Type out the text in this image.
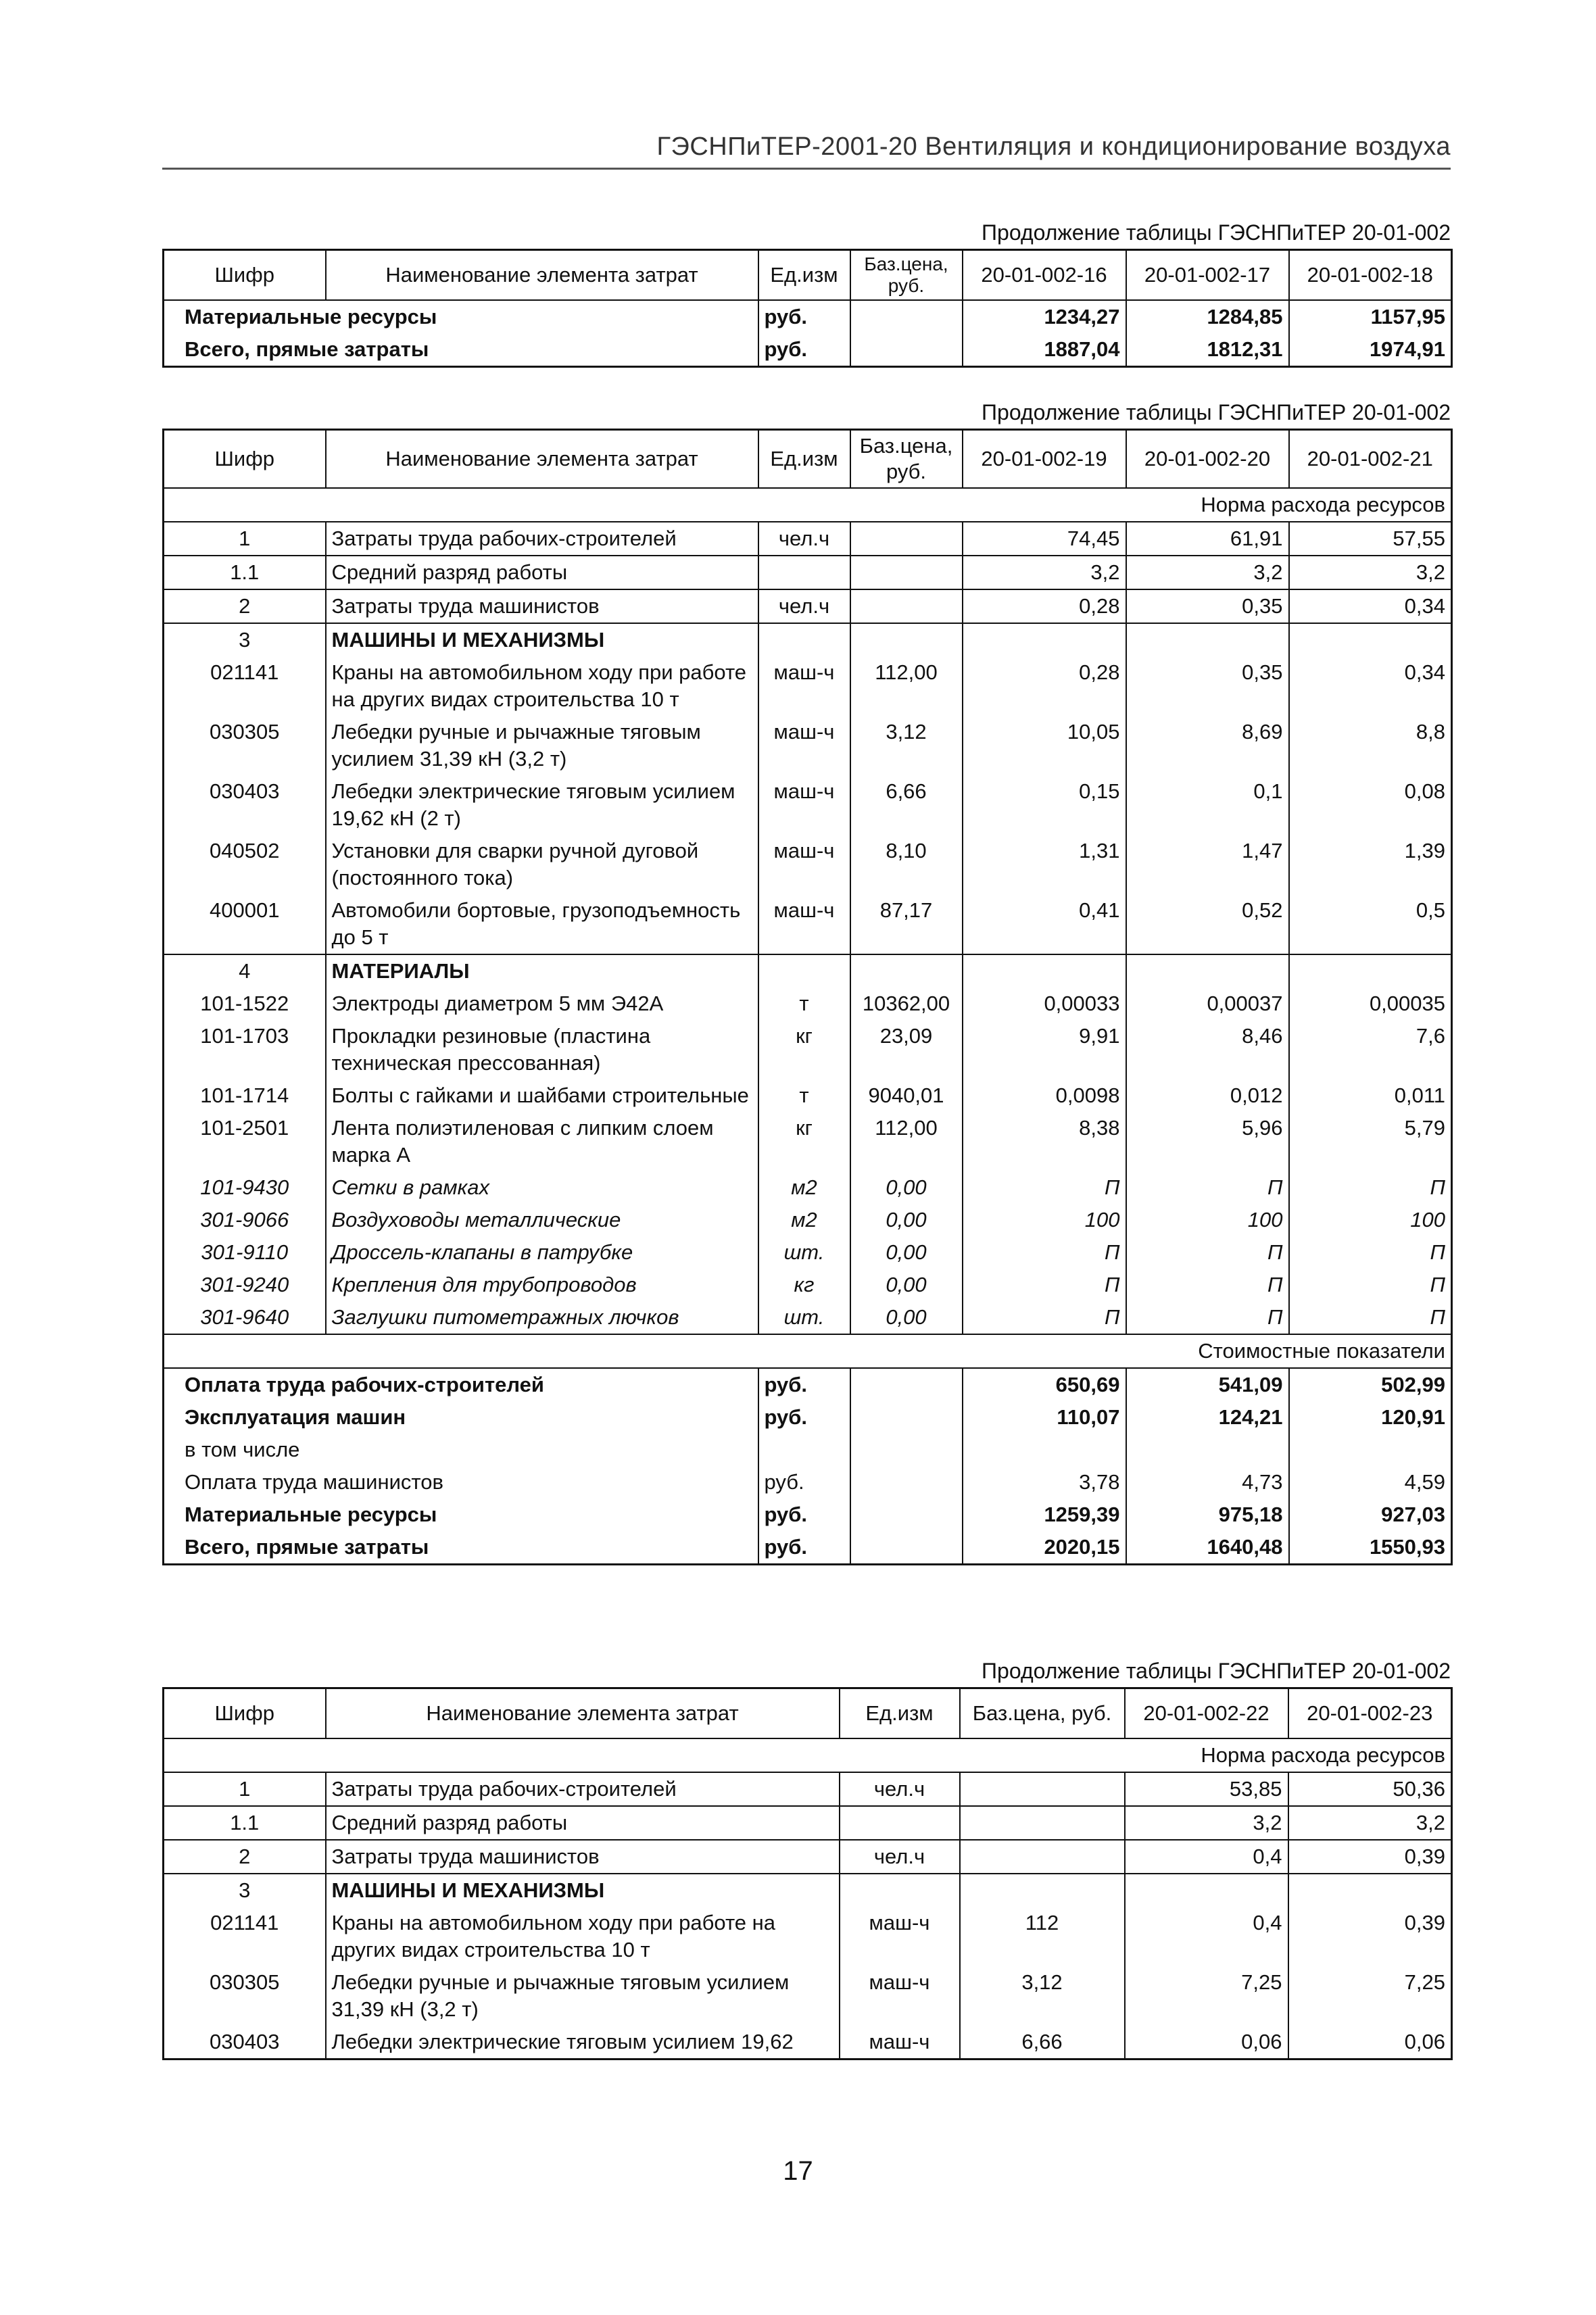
ГЭСНПиТЕР-2001-20 Вентиляция и кондиционирование воздуха
Продолжение таблицы ГЭСНПиТЕР 20-01-002
Шифр	Наименование элемента затрат	Ед.изм	Баз.цена, руб.	20-01-002-16	20-01-002-17	20-01-002-18
Материальные ресурсы		руб.		1234,27	1284,85	1157,95
Всего, прямые затраты		руб.		1887,04	1812,31	1974,91
Продолжение таблицы ГЭСНПиТЕР 20-01-002
Шифр	Наименование элемента затрат	Ед.изм	Баз.цена, руб.	20-01-002-19	20-01-002-20	20-01-002-21
Норма расхода ресурсов						
1	Затраты труда рабочих-строителей	чел.ч		74,45	61,91	57,55
1.1	Средний разряд работы			3,2	3,2	3,2
2	Затраты труда машинистов	чел.ч		0,28	0,35	0,34
3	МАШИНЫ И МЕХАНИЗМЫ					
021141	Краны на автомобильном ходу при работе на других видах строительства 10 т	маш-ч	112,00	0,28	0,35	0,34
030305	Лебедки ручные и рычажные тяговым усилием 31,39 кН (3,2 т)	маш-ч	3,12	10,05	8,69	8,8
030403	Лебедки электрические тяговым усилием 19,62 кН (2 т)	маш-ч	6,66	0,15	0,1	0,08
040502	Установки для сварки ручной дуговой (постоянного тока)	маш-ч	8,10	1,31	1,47	1,39
400001	Автомобили бортовые, грузоподъемность до 5 т	маш-ч	87,17	0,41	0,52	0,5
4	МАТЕРИАЛЫ					
101-1522	Электроды диаметром 5 мм Э42А	т	10362,00	0,00033	0,00037	0,00035
101-1703	Прокладки резиновые (пластина техническая прессованная)	кг	23,09	9,91	8,46	7,6
101-1714	Болты с гайками и шайбами строительные	т	9040,01	0,0098	0,012	0,011
101-2501	Лента полиэтиленовая с липким слоем марка А	кг	112,00	8,38	5,96	5,79
101-9430	Сетки в рамках	м2	0,00	П	П	П
301-9066	Воздуховоды металлические	м2	0,00	100	100	100
301-9110	Дроссель-клапаны в патрубке	шт.	0,00	П	П	П
301-9240	Крепления для трубопроводов	кг	0,00	П	П	П
301-9640	Заглушки питометражных лючков	шт.	0,00	П	П	П
Стоимостные показатели						
Оплата труда рабочих-строителей		руб.		650,69	541,09	502,99
Эксплуатация машин		руб.		110,07	124,21	120,91
в том числе						
Оплата труда машинистов		руб.		3,78	4,73	4,59
Материальные ресурсы		руб.		1259,39	975,18	927,03
Всего, прямые затраты		руб.		2020,15	1640,48	1550,93
Продолжение таблицы ГЭСНПиТЕР 20-01-002
Шифр	Наименование элемента затрат	Ед.изм	Баз.цена, руб.	20-01-002-22	20-01-002-23
Норма расхода ресурсов					
1	Затраты труда рабочих-строителей	чел.ч		53,85	50,36
1.1	Средний разряд работы			3,2	3,2
2	Затраты труда машинистов	чел.ч		0,4	0,39
3	МАШИНЫ И МЕХАНИЗМЫ				
021141	Краны на автомобильном ходу при работе на других видах строительства 10 т	маш-ч	112	0,4	0,39
030305	Лебедки ручные и рычажные тяговым усилием 31,39 кН (3,2 т)	маш-ч	3,12	7,25	7,25
030403	Лебедки электрические тяговым усилием 19,62	маш-ч	6,66	0,06	0,06
17
